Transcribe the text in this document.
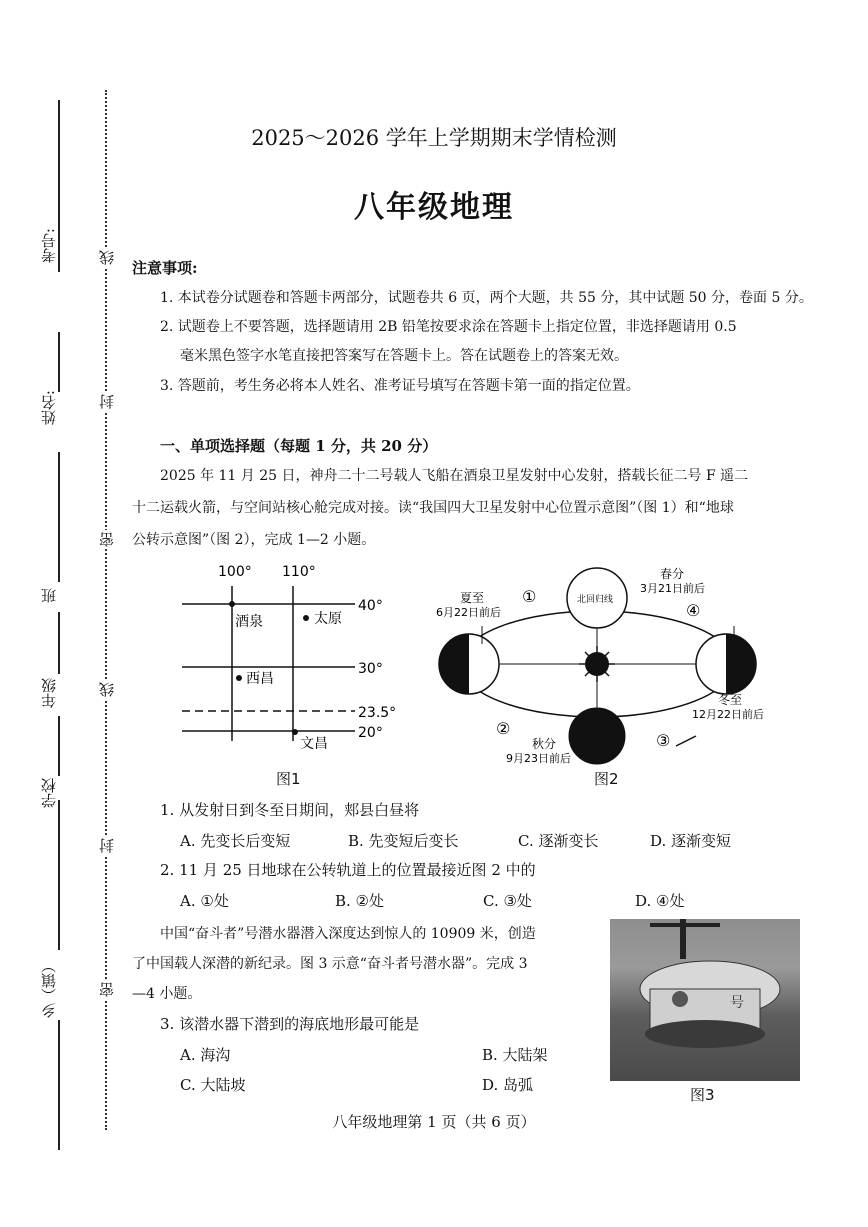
考号:
姓名:
班
年级
学校
乡（镇）
线
封
密
线
封
密
2025～2026 学年上学期期末学情检测
八年级地理
注意事项:
1. 本试卷分试题卷和答题卡两部分，试题卷共 6 页，两个大题，共 55 分，其中试题 50 分，卷面 5 分。
2. 试题卷上不要答题，选择题请用 2B 铅笔按要求涂在答题卡上指定位置，非选择题请用 0.5
毫米黑色签字水笔直接把答案写在答题卡上。答在试题卷上的答案无效。
3. 答题前，考生务必将本人姓名、准考证号填写在答题卡第一面的指定位置。
一、单项选择题（每题 1 分，共 20 分）
2025 年 11 月 25 日，神舟二十二号载人飞船在酒泉卫星发射中心发射，搭载长征二号 F 遥二
十二运载火箭，与空间站核心舱完成对接。读“我国四大卫星发射中心位置示意图”（图 1）和“地球
公转示意图”（图 2），完成 1—2 小题。
100° 110°
40°
30°
23.5°
20°
酒泉	太原
西昌
文昌
图1
北回归线
①
②
③
④
春分
3月21日前后
夏至
6月22日前后
冬至
12月22日前后
秋分
9月23日前后
图2
1. 从发射日到冬至日期间，郏县白昼将
A. 先变长后变短	B. 先变短后变长	C. 逐渐变长	D. 逐渐变短
2. 11 月 25 日地球在公转轨道上的位置最接近图 2 中的
A. ①处	B. ②处	C. ③处	D. ④处
中国“奋斗者”号潜水器潜入深度达到惊人的 10909 米，创造
了中国载人深潜的新纪录。图 3 示意“奋斗者号潜水器”。完成 3
—4 小题。
3. 该潜水器下潜到的海底地形最可能是
A. 海沟	B. 大陆架
C. 大陆坡	D. 岛弧
号
图3
八年级地理第 1 页（共 6 页）
